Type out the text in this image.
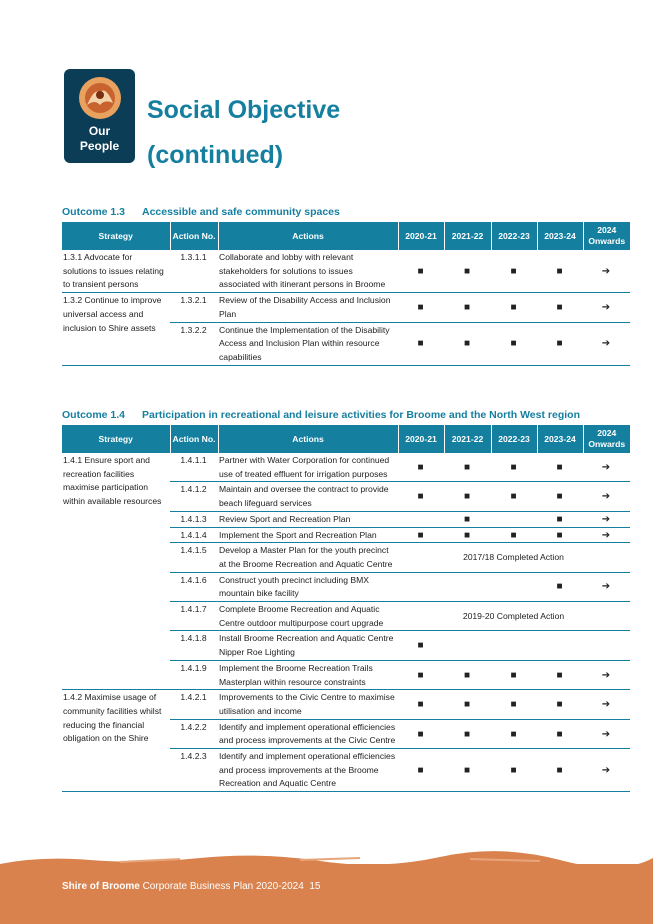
Our
People
Social Objective
(continued)
Outcome 1.3 Accessible and safe community spaces
Strategy	Action No.	Actions	2020-21	2021-22	2022-23	2023-24	2024
Onwards
1.3.1 Advocate for solutions to issues relating to transient persons	1.3.1.1	Collaborate and lobby with relevant stakeholders for solutions to issues associated with itinerant persons in Broome	■	■	■	■	➔
1.3.2 Continue to improve universal access and inclusion to Shire assets	1.3.2.1	Review of the Disability Access and Inclusion Plan	■	■	■	■	➔
	1.3.2.2	Continue the Implementation of the Disability Access and Inclusion Plan within resource capabilities	■	■	■	■	➔
Outcome 1.4 Participation in recreational and leisure activities for Broome and the North West region
Strategy	Action No.	Actions	2020-21	2021-22	2022-23	2023-24	2024
Onwards
1.4.1 Ensure sport and recreation facilities maximise participation within available resources	1.4.1.1	Partner with Water Corporation for continued use of treated effluent for irrigation purposes	■	■	■	■	➔
	1.4.1.2	Maintain and oversee the contract to provide beach lifeguard services	■	■	■	■	➔
	1.4.1.3	Review Sport and Recreation Plan		■		■	➔
	1.4.1.4	Implement the Sport and Recreation Plan	■	■	■	■	➔
	1.4.1.5	Develop a Master Plan for the youth precinct at the Broome Recreation and Aquatic Centre	2017/18 Completed Action				
	1.4.1.6	Construct youth precinct including BMX mountain bike facility				■	➔
	1.4.1.7	Complete Broome Recreation and Aquatic Centre outdoor multipurpose court upgrade	2019-20 Completed Action				
	1.4.1.8	Install Broome Recreation and Aquatic Centre Nipper Roe Lighting	■				
	1.4.1.9	Implement the Broome Recreation Trails Masterplan within resource constraints	■	■	■	■	➔
1.4.2 Maximise usage of community facilities whilst reducing the financial obligation on the Shire	1.4.2.1	Improvements to the Civic Centre to maximise utilisation and income	■	■	■	■	➔
	1.4.2.2	Identify and implement operational efficiencies and process improvements at the Civic Centre	■	■	■	■	➔
	1.4.2.3	Identify and implement operational efficiencies and process improvements at the Broome Recreation and Aquatic Centre	■	■	■	■	➔
Shire of Broome Corporate Business Plan 2020-2024 15
